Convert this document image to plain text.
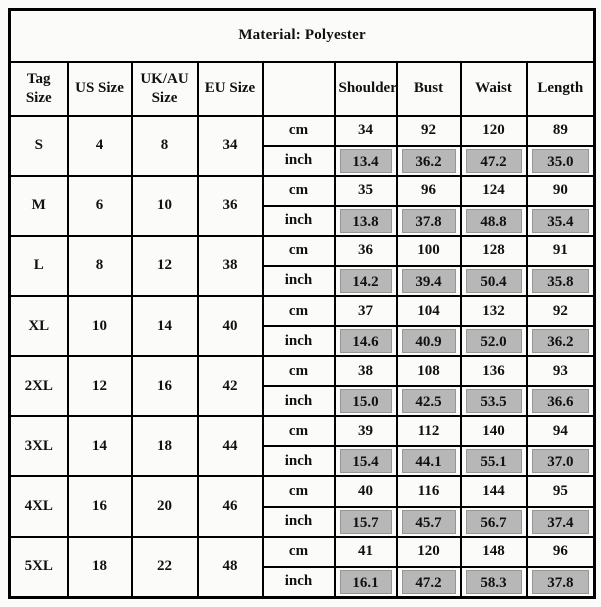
Material: Polyester								
Tag Size	US Size	UK/AU Size	EU Size		Shoulder	Bust	Waist	Length
S	4	8	34	cm	34	92	120	89
				inch	13.4	36.2	47.2	35.0

M	6	10	36	cm	35	96	124	90
				inch	13.8	37.8	48.8	35.4

L	8	12	38	cm	36	100	128	91
				inch	14.2	39.4	50.4	35.8

XL	10	14	40	cm	37	104	132	92
				inch	14.6	40.9	52.0	36.2

2XL	12	16	42	cm	38	108	136	93
				inch	15.0	42.5	53.5	36.6

3XL	14	18	44	cm	39	112	140	94
				inch	15.4	44.1	55.1	37.0

4XL	16	20	46	cm	40	116	144	95
				inch	15.7	45.7	56.7	37.4

5XL	18	22	48	cm	41	120	148	96
				inch	16.1	47.2	58.3	37.8
